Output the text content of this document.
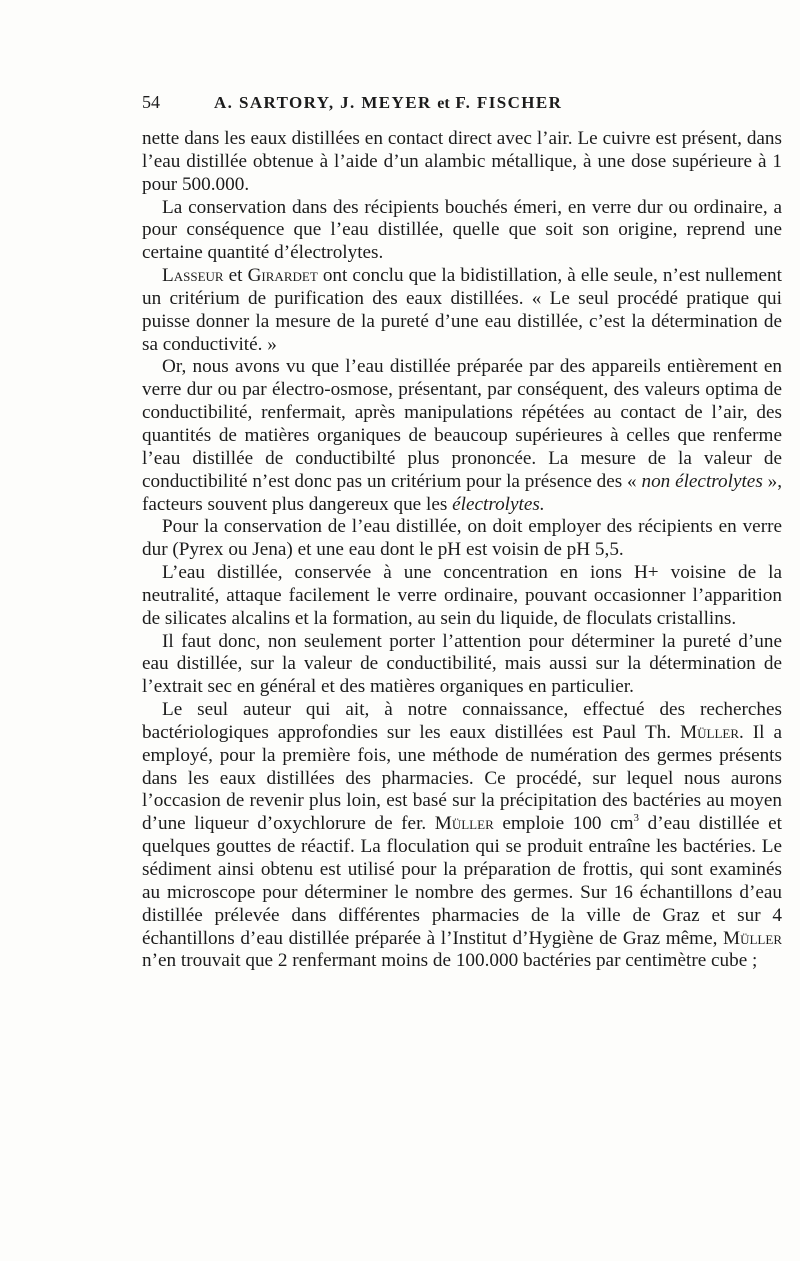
54	A. SARTORY, J. MEYER et F. FISCHER

nette dans les eaux distillées en contact direct avec l’air. Le cuivre est présent, dans l’eau distillée obtenue à l’aide d’un alambic métallique, à une dose supérieure à 1 pour 500.000.

La conservation dans des récipients bouchés émeri, en verre dur ou ordinaire, a pour conséquence que l’eau distillée, quelle que soit son origine, reprend une certaine quantité d’électrolytes.

Lasseur et Girardet ont conclu que la bidistillation, à elle seule, n’est nullement un critérium de purification des eaux distillées. « Le seul procédé pratique qui puisse donner la mesure de la pureté d’une eau distillée, c’est la détermination de sa conductivité. »

Or, nous avons vu que l’eau distillée préparée par des appareils entièrement en verre dur ou par électro-osmose, présentant, par conséquent, des valeurs optima de conductibilité, renfermait, après manipulations répétées au contact de l’air, des quantités de matières organiques de beaucoup supérieures à celles que renferme l’eau distillée de conductibilté plus prononcée. La mesure de la valeur de conductibilité n’est donc pas un critérium pour la présence des « non électrolytes », facteurs souvent plus dangereux que les électrolytes.

Pour la conservation de l’eau distillée, on doit employer des récipients en verre dur (Pyrex ou Jena) et une eau dont le pH est voisin de pH 5,5.

L’eau distillée, conservée à une concentration en ions H+ voisine de la neutralité, attaque facilement le verre ordinaire, pouvant occasionner l’apparition de silicates alcalins et la formation, au sein du liquide, de floculats cristallins.

Il faut donc, non seulement porter l’attention pour déterminer la pureté d’une eau distillée, sur la valeur de conductibilité, mais aussi sur la détermination de l’extrait sec en général et des matières organiques en particulier.

Le seul auteur qui ait, à notre connaissance, effectué des recherches bactériologiques approfondies sur les eaux distillées est Paul Th. Müller. Il a employé, pour la première fois, une méthode de numération des germes présents dans les eaux distillées des pharmacies. Ce procédé, sur lequel nous aurons l’occasion de revenir plus loin, est basé sur la précipitation des bactéries au moyen d’une liqueur d’oxychlorure de fer. Müller emploie 100 $cm^3$ d’eau distillée et quelques gouttes de réactif. La floculation qui se produit entraîne les bactéries. Le sédiment ainsi obtenu est utilisé pour la préparation de frottis, qui sont examinés au microscope pour déterminer le nombre des germes. Sur 16 échantillons d’eau distillée prélevée dans différentes pharmacies de la ville de Graz et sur 4 échantillons d’eau distillée préparée à l’Institut d’Hygiène de Graz même, Müller n’en trouvait que 2 renfermant moins de 100.000 bactéries par centimètre cube ;
